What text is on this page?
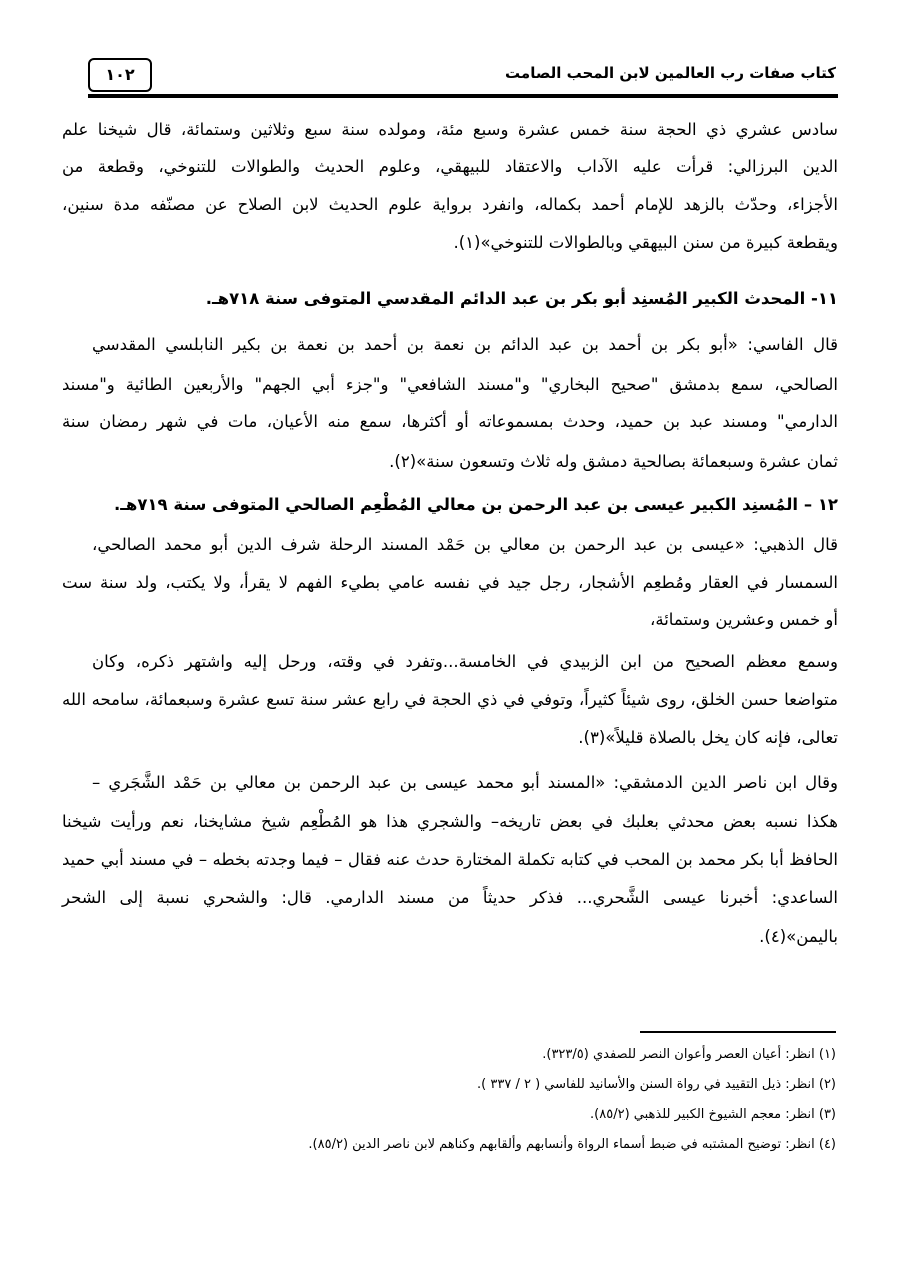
كتاب صفات رب العالمين لابن المحب الصامت
١٠٢
سادس عشري ذي الحجة سنة خمس عشرة وسبع مئة، ومولده سنة سبع وثلاثين وستمائة، قال شيخنا علم
الدين البرزالي: قرأت عليه الآداب والاعتقاد للبيهقي، وعلوم الحديث والطوالات للتنوخي، وقطعة من
الأجزاء، وحدّث بالزهد للإمام أحمد بكماله، وانفرد برواية علوم الحديث لابن الصلاح عن مصنّفه مدة سنين،
ويقطعة كبيرة من سنن البيهقي وبالطوالات للتنوخي»(١).
١١- المحدث الكبير المُسنِد أبو بكر بن عبد الدائم المقدسي المتوفى سنة ٧١٨هـ.
قال الفاسي: «أبو بكر بن أحمد بن عبد الدائم بن نعمة بن أحمد بن نعمة بن بكير النابلسي المقدسي
الصالحي، سمع بدمشق "صحيح البخاري" و"مسند الشافعي" و"جزء أبي الجهم" والأربعين الطائية و"مسند
الدارمي" ومسند عبد بن حميد، وحدث بمسموعاته أو أكثرها، سمع منه الأعيان، مات في شهر رمضان سنة
ثمان عشرة وسبعمائة بصالحية دمشق وله ثلاث وتسعون سنة»(٢).
١٢ – المُسنِد الكبير عيسى بن عبد الرحمن بن معالي المُطْعِم الصالحي المتوفى سنة ٧١٩هـ.
قال الذهبي: «عيسى بن عبد الرحمن بن معالي بن حَمْد المسند الرحلة شرف الدين أبو محمد الصالحي،
السمسار في العقار ومُطعِم الأشجار، رجل جيد في نفسه عامي بطيء الفهم لا يقرأ، ولا يكتب، ولد سنة ست
أو خمس وعشرين وستمائة،
وسمع معظم الصحيح من ابن الزبيدي في الخامسة...وتفرد في وقته، ورحل إليه واشتهر ذكره، وكان
متواضعا حسن الخلق، روى شيئاً كثيراً، وتوفي في ذي الحجة في رابع عشر سنة تسع عشرة وسبعمائة، سامحه الله
تعالى، فإنه كان يخل بالصلاة قليلاً»(٣).
وقال ابن ناصر الدين الدمشقي: «المسند أبو محمد عيسى بن عبد الرحمن بن معالي بن حَمْد الشَّجَري –
هكذا نسبه بعض محدثي بعلبك في بعض تاريخه– والشجري هذا هو المُطْعِم شيخ مشايخنا، نعم ورأيت شيخنا
الحافظ أبا بكر محمد بن المحب في كتابه تكملة المختارة حدث عنه فقال – فيما وجدته بخطه – في مسند أبي حميد
الساعدي: أخبرنا عيسى الشَّحري... فذكر حديثاً من مسند الدارمي. قال: والشحري نسبة إلى الشحر
باليمن»(٤).
(١) انظر: أعيان العصر وأعوان النصر للصفدي (٣٢٣/٥).
(٢) انظر: ذيل التقييد في رواة السنن والأسانيد للفاسي ( ٢ / ٣٣٧ ).
(٣) انظر: معجم الشيوخ الكبير للذهبي (٨٥/٢).
(٤) انظر: توضيح المشتبه في ضبط أسماء الرواة وأنسابهم وألقابهم وكناهم لابن ناصر الدين (٨٥/٢).
